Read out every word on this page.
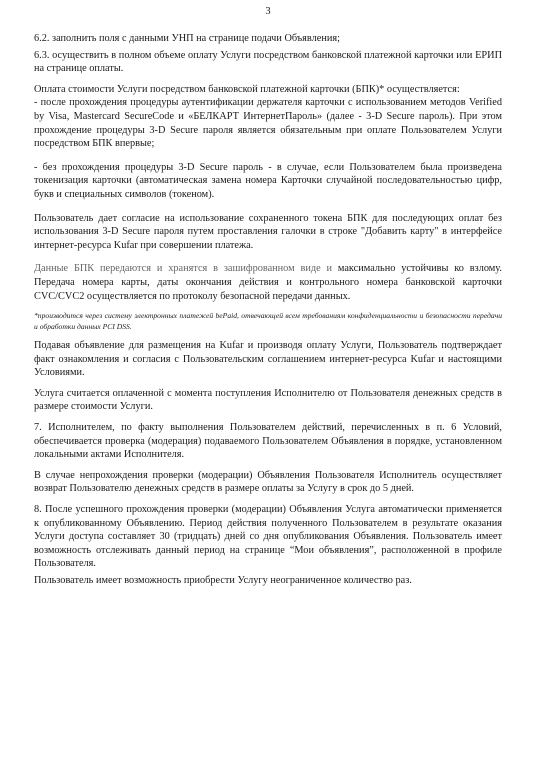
3

6.2. заполнить поля с данными УНП на странице подачи Объявления;

6.3. осуществить в полном объеме оплату Услуги посредством банковской платежной карточки или ЕРИП на странице оплаты.

Оплата стоимости Услуги посредством банковской платежной карточки (БПК)* осуществляется:

- после прохождения процедуры аутентификации держателя карточки с использованием методов Verified by Visa, Mastercard SecureCode и «БЕЛКАРТ ИнтернетПароль» (далее - 3-D Secure пароль). При этом прохождение процедуры 3-D Secure пароля является обязательным при оплате Пользователем Услуги посредством БПК впервые;

- без прохождения процедуры 3-D Secure пароль - в случае, если Пользователем была произведена токенизация карточки (автоматическая замена номера Карточки случайной последовательностью цифр, букв и специальных символов (токеном).

Пользователь дает согласие на использование сохраненного токена БПК для последующих оплат без использования 3-D Secure пароля путем проставления галочки в строке "Добавить карту" в интерфейсе интернет-ресурса Kufar при совершении платежа.

Данные БПК передаются и хранятся в зашифрованном виде и максимально устойчивы ко взлому. Передача номера карты, даты окончания действия и контрольного номера банковской карточки CVC/CVC2 осуществляется по протоколу безопасной передачи данных.

*производится через систему электронных платежей bePaid, отвечающей всем требованиям конфиденциальности и безопасности передачи и обработки данных PCI DSS.

Подавая объявление для размещения на Kufar и производя оплату Услуги, Пользователь подтверждает факт ознакомления и согласия с Пользовательским соглашением интернет-ресурса Kufar и настоящими Условиями.

Услуга считается оплаченной с момента поступления Исполнителю от Пользователя денежных средств в размере стоимости Услуги.

7. Исполнителем, по факту выполнения Пользователем действий, перечисленных в п. 6 Условий, обеспечивается проверка (модерация) подаваемого Пользователем Объявления в порядке, установленном локальными актами Исполнителя.

В случае непрохождения проверки (модерации) Объявления Пользователя Исполнитель осуществляет возврат Пользователю денежных средств в размере оплаты за Услугу в срок до 5 дней.

8. После успешного прохождения проверки (модерации) Объявления Услуга автоматически применяется к опубликованному Объявлению. Период действия полученного Пользователем в результате оказания Услуги доступа составляет 30 (тридцать) дней со дня опубликования Объявления. Пользователь имеет возможность отслеживать данный период на странице “Мои объявления”, расположенной в профиле Пользователя.

Пользователь имеет возможность приобрести Услугу неограниченное количество раз.
